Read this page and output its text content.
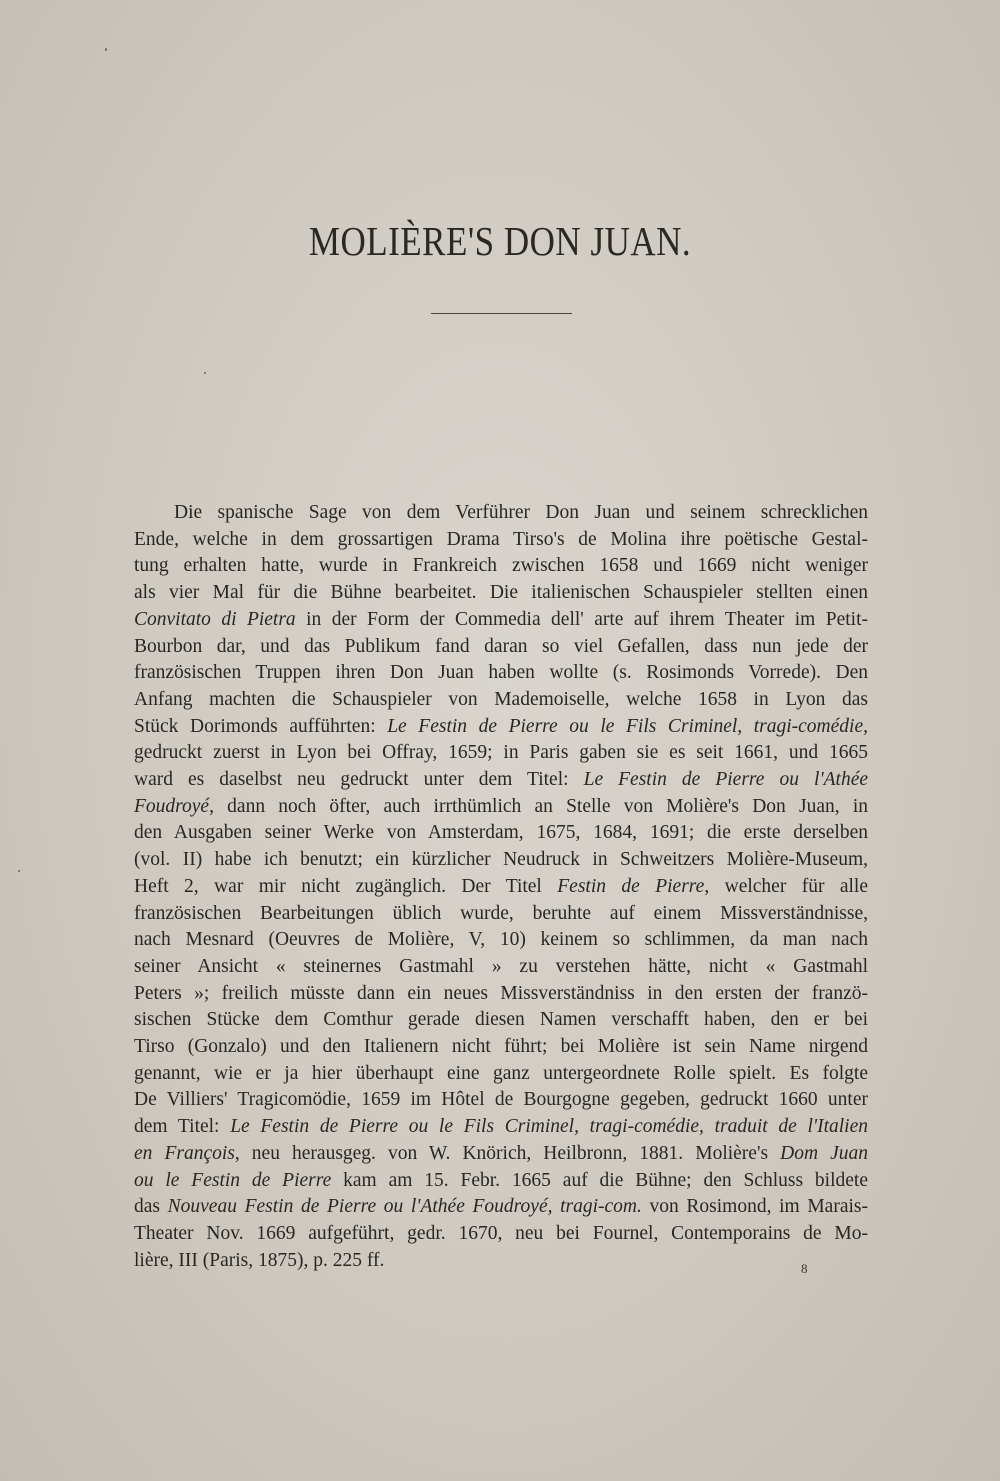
MOLIÈRE'S DON JUAN.
Die spanische Sage von dem Verführer Don Juan und seinem schrecklichen
Ende, welche in dem grossartigen Drama Tirso's de Molina ihre poëtische Gestal-
tung erhalten hatte, wurde in Frankreich zwischen 1658 und 1669 nicht weniger
als vier Mal für die Bühne bearbeitet. Die italienischen Schauspieler stellten einen
Convitato di Pietra in der Form der Commedia dell' arte auf ihrem Theater im Petit-
Bourbon dar, und das Publikum fand daran so viel Gefallen, dass nun jede der
französischen Truppen ihren Don Juan haben wollte (s. Rosimonds Vorrede). Den
Anfang machten die Schauspieler von Mademoiselle, welche 1658 in Lyon das
Stück Dorimonds aufführten: Le Festin de Pierre ou le Fils Criminel, tragi-comédie,
gedruckt zuerst in Lyon bei Offray, 1659; in Paris gaben sie es seit 1661, und 1665
ward es daselbst neu gedruckt unter dem Titel: Le Festin de Pierre ou l'Athée
Foudroyé, dann noch öfter, auch irrthümlich an Stelle von Molière's Don Juan, in
den Ausgaben seiner Werke von Amsterdam, 1675, 1684, 1691; die erste derselben
(vol. II) habe ich benutzt; ein kürzlicher Neudruck in Schweitzers Molière-Museum,
Heft 2, war mir nicht zugänglich. Der Titel Festin de Pierre, welcher für alle
französischen Bearbeitungen üblich wurde, beruhte auf einem Missverständnisse,
nach Mesnard (Oeuvres de Molière, V, 10) keinem so schlimmen, da man nach
seiner Ansicht « steinernes Gastmahl » zu verstehen hätte, nicht « Gastmahl
Peters »; freilich müsste dann ein neues Missverständniss in den ersten der franzö-
sischen Stücke dem Comthur gerade diesen Namen verschafft haben, den er bei
Tirso (Gonzalo) und den Italienern nicht führt; bei Molière ist sein Name nirgend
genannt, wie er ja hier überhaupt eine ganz untergeordnete Rolle spielt. Es folgte
De Villiers' Tragicomödie, 1659 im Hôtel de Bourgogne gegeben, gedruckt 1660 unter
dem Titel: Le Festin de Pierre ou le Fils Criminel, tragi-comédie, traduit de l'Italien
en François, neu herausgeg. von W. Knörich, Heilbronn, 1881. Molière's Dom Juan
ou le Festin de Pierre kam am 15. Febr. 1665 auf die Bühne; den Schluss bildete
das Nouveau Festin de Pierre ou l'Athée Foudroyé, tragi-com. von Rosimond, im Marais-
Theater Nov. 1669 aufgeführt, gedr. 1670, neu bei Fournel, Contemporains de Mo-
lière, III (Paris, 1875), p. 225 ff.	8
